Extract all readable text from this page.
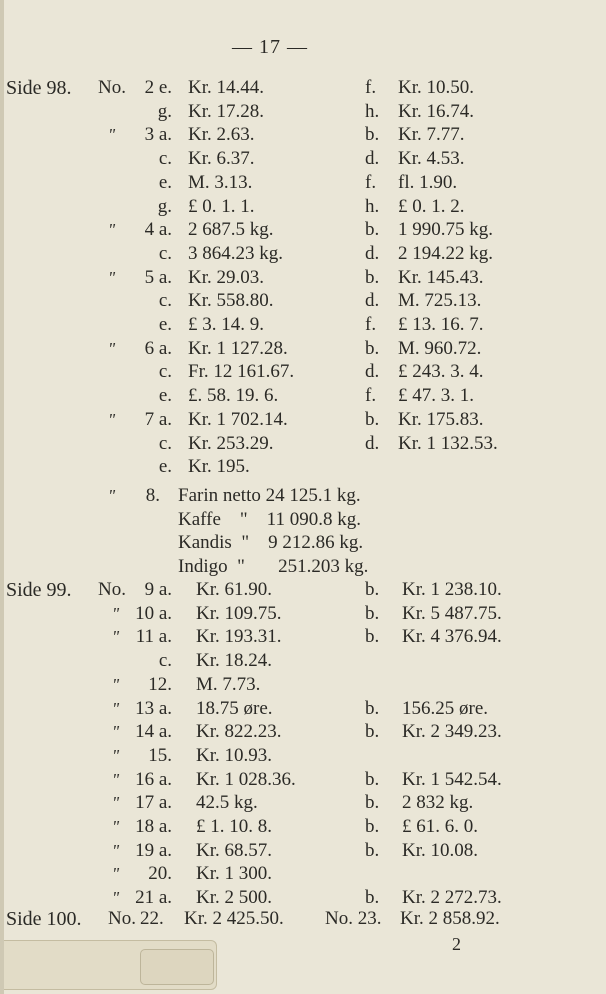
— 17 —
Side 98. No. 2 e. Kr. 14.44.	f. Kr. 10.50.
g. Kr. 17.28.	h. Kr. 16.74.
"	3 a. Kr. 2.63.	b. Kr. 7.77.
c. Kr. 6.37.	d. Kr. 4.53.
e. M. 3.13.	f. fl. 1.90.
g. £ 0. 1. 1.	h. £ 0. 1. 2.
"	4 a. 2 687.5 kg.	b. 1 990.75 kg.
c. 3 864.23 kg.	d. 2 194.22 kg.
"	5 a. Kr. 29.03.	b. Kr. 145.43.
c. Kr. 558.80.	d. M. 725.13.
e. £ 3. 14. 9.	f. £ 13. 16. 7.
"	6 a. Kr. 1 127.28.	b. M. 960.72.
c. Fr. 12 161.67.	d. £ 243. 3. 4.
e. £. 58. 19. 6.	f. £ 47. 3. 1.
"	7 a. Kr. 1 702.14.	b. Kr. 175.83.
c. Kr. 253.29.	d. Kr. 1 132.53.
e. Kr. 195.
"	8. Farin netto 24 125.1 kg.
Kaffe    "    11 090.8 kg.
Kandis  "    9 212.86 kg.
Indigo  "       251.203 kg.
Side 99. No. 9 a. Kr. 61.90.	b. Kr. 1 238.10.
" 10 a. Kr. 109.75.	b. Kr. 5 487.75.
" 11 a. Kr. 193.31.	b. Kr. 4 376.94.
c. Kr. 18.24.
"	12. M. 7.73.
" 13 a. 18.75 øre.	b. 156.25 øre.
" 14 a. Kr. 822.23.	b. Kr. 2 349.23.
"	15. Kr. 10.93.
" 16 a. Kr. 1 028.36.	b. Kr. 1 542.54.
" 17 a. 42.5 kg.	b. 2 832 kg.
" 18 a. £ 1. 10. 8.	b. £ 61. 6. 0.
" 19 a. Kr. 68.57.	b. Kr. 10.08.
"	20. Kr. 1 300.
" 21 a. Kr. 2 500.	b. Kr. 2 272.73.
Side 100. No. 22. Kr. 2 425.50. No. 23. Kr. 2 858.92.
2
